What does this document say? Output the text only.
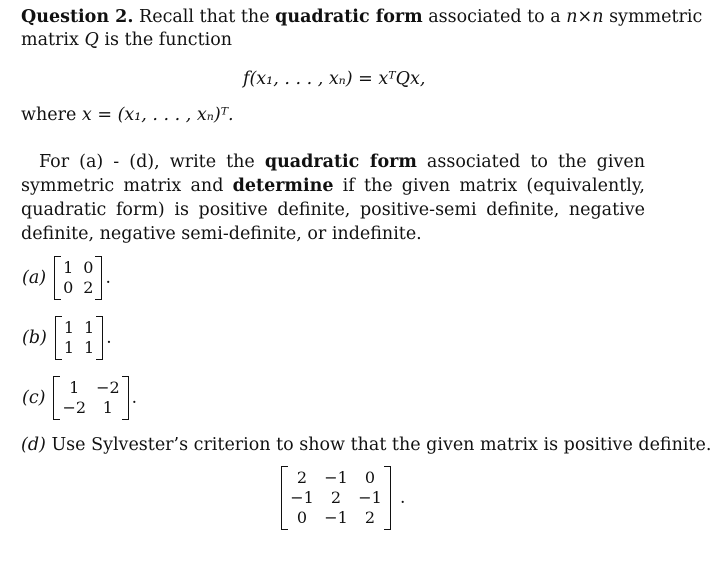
Question 2. Recall that the quadratic form associated to a n×n symmetric
matrix Q is the function
f(x₁, . . . , xₙ) = xᵀQx,
where x = (x₁, . . . , xₙ)ᵀ.
For (a) - (d), write the quadratic form associated to the given symmetric matrix and determine if the given matrix (equivalently, quadratic form) is positive definite, positive-semi definite, negative definite, negative semi-definite, or indefinite.
(a)
1 0
0 2 .
(b)
1 1
1 1 .
(c)
1	−2
−2	1	.
(d) Use Sylvester’s criterion to show that the given matrix is positive definite.
2	−1	0
−1	2	−1
0	−1	2
.
